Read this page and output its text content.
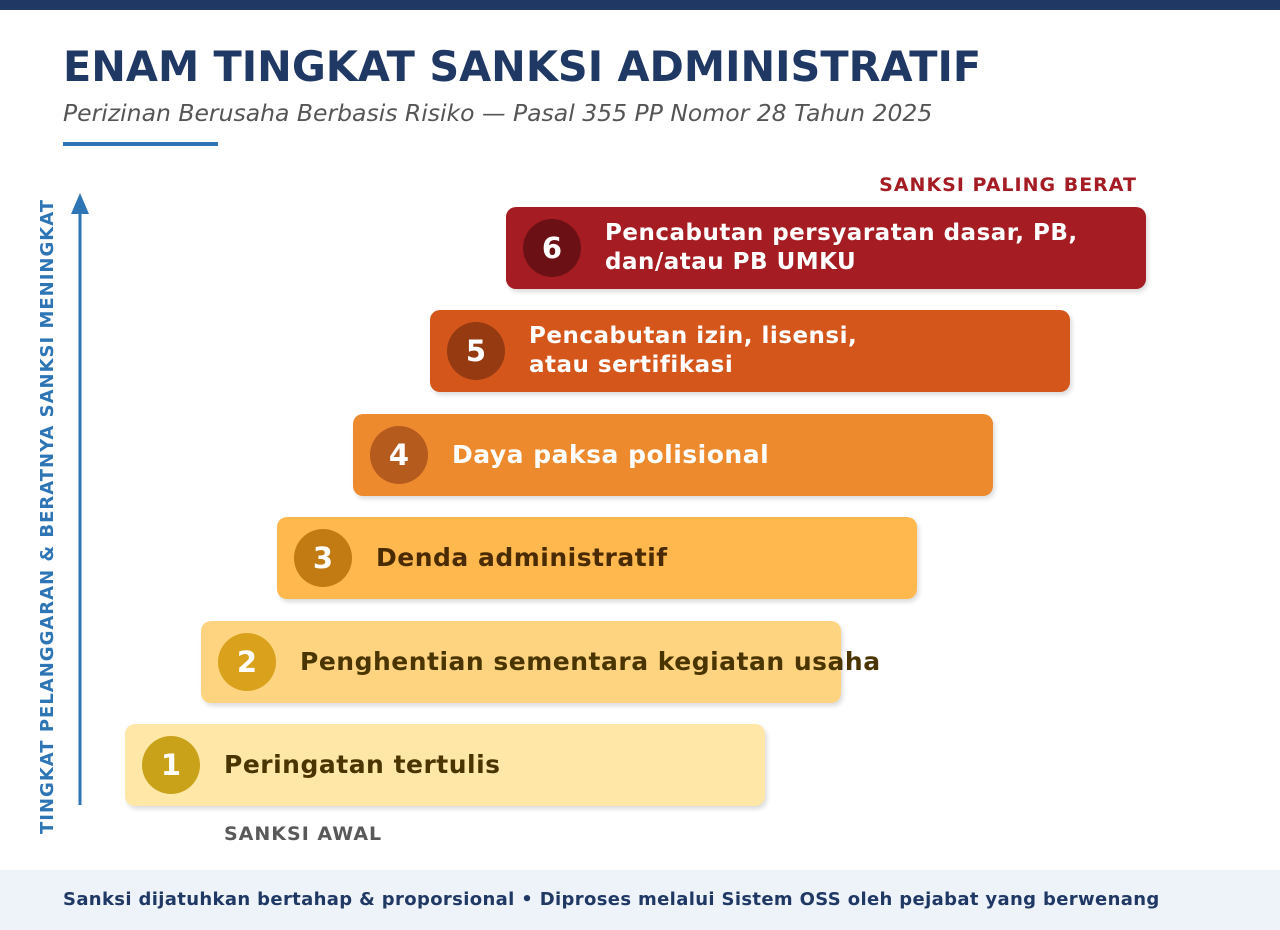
ENAM TINGKAT SANKSI ADMINISTRATIF
Perizinan Berusaha Berbasis Risiko — Pasal 355 PP Nomor 28 Tahun 2025
TINGKAT PELANGGARAN & BERATNYA SANKSI MENINGKAT
SANKSI PALING BERAT
6 Pencabutan persyaratan dasar, PB,
dan/atau PB UMKU
5 Pencabutan izin, lisensi,
atau sertifikasi
4 Daya paksa polisional
3 Denda administratif
2 Penghentian sementara kegiatan usaha
1 Peringatan tertulis
SANKSI AWAL
Sanksi dijatuhkan bertahap & proporsional • Diproses melalui Sistem OSS oleh pejabat yang berwenang
